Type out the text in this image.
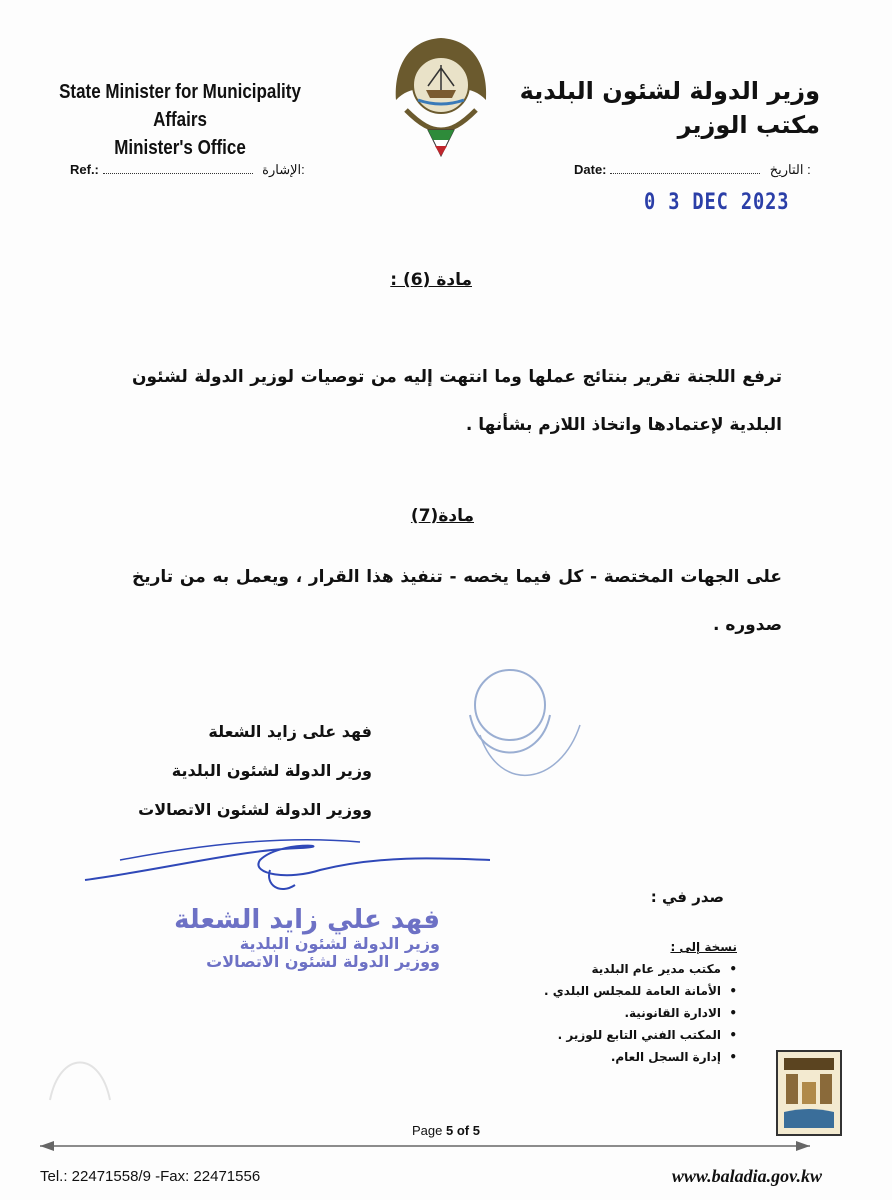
State Minister for Municipality Affairs
Minister's Office
وزير الدولة لشئون البلدية
مكتب الوزير
Ref.:	الإشارة:	Date:	التاريخ :
0 3 DEC 2023
مادة (6) :
ترفع اللجنة تقرير بنتائج عملها وما انتهت إليه من توصيات لوزير الدولة لشئون البلدية لإعتمادها واتخاذ اللازم بشأنها .
مادة(7)
على الجهات المختصة - كل فيما يخصه - تنفيذ هذا القرار ، ويعمل به من تاريخ صدوره .
فهد على زايد الشعلة
وزير الدولة لشئون البلدية
ووزير الدولة لشئون الاتصالات
فهد علي زايد الشعلة
وزير الدولة لشئون البلدية
ووزير الدولة لشئون الاتصالات
صدر في :
نسخة إلى :
• مكتب مدير عام البلدية
• الأمانة العامة للمجلس البلدي .
• الادارة القانونية.
• المكتب الفني التابع للوزير .
• إدارة السجل العام.
Page 5 of 5
Tel.: 22471558/9 -Fax: 22471556	www.baladia.gov.kw
